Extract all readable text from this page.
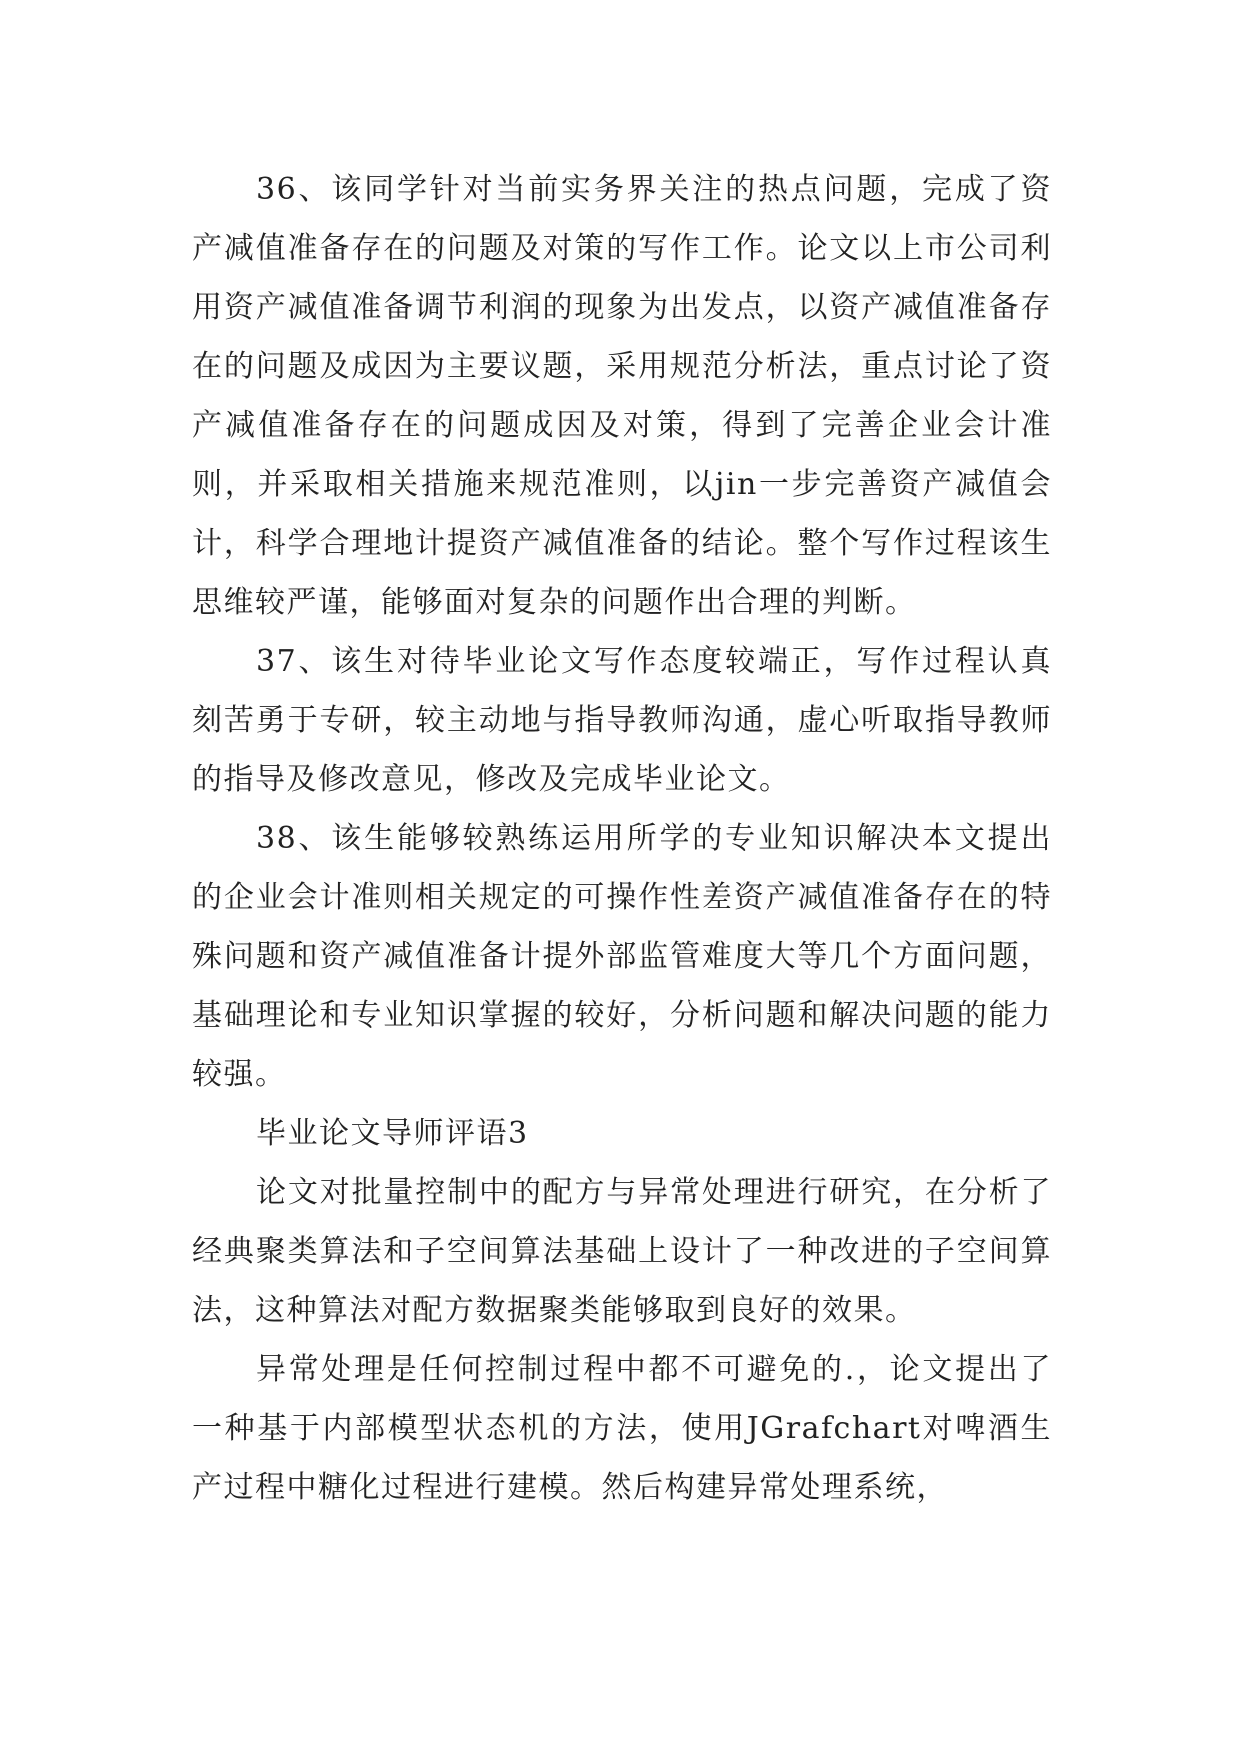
36、该同学针对当前实务界关注的热点问题，完成了资产减值准备存在的问题及对策的写作工作。论文以上市公司利用资产减值准备调节利润的现象为出发点，以资产减值准备存在的问题及成因为主要议题，采用规范分析法，重点讨论了资产减值准备存在的问题成因及对策，得到了完善企业会计准则，并采取相关措施来规范准则，以jin一步完善资产减值会计，科学合理地计提资产减值准备的结论。整个写作过程该生思维较严谨，能够面对复杂的问题作出合理的判断。

37、该生对待毕业论文写作态度较端正，写作过程认真刻苦勇于专研，较主动地与指导教师沟通，虚心听取指导教师的指导及修改意见，修改及完成毕业论文。

38、该生能够较熟练运用所学的专业知识解决本文提出的企业会计准则相关规定的可操作性差资产减值准备存在的特殊问题和资产减值准备计提外部监管难度大等几个方面问题，基础理论和专业知识掌握的较好，分析问题和解决问题的能力较强。

毕业论文导师评语3

论文对批量控制中的配方与异常处理进行研究，在分析了经典聚类算法和子空间算法基础上设计了一种改进的子空间算法，这种算法对配方数据聚类能够取到良好的效果。

异常处理是任何控制过程中都不可避免的.，论文提出了一种基于内部模型状态机的方法，使用JGrafchart对啤酒生产过程中糖化过程进行建模。然后构建异常处理系统，
